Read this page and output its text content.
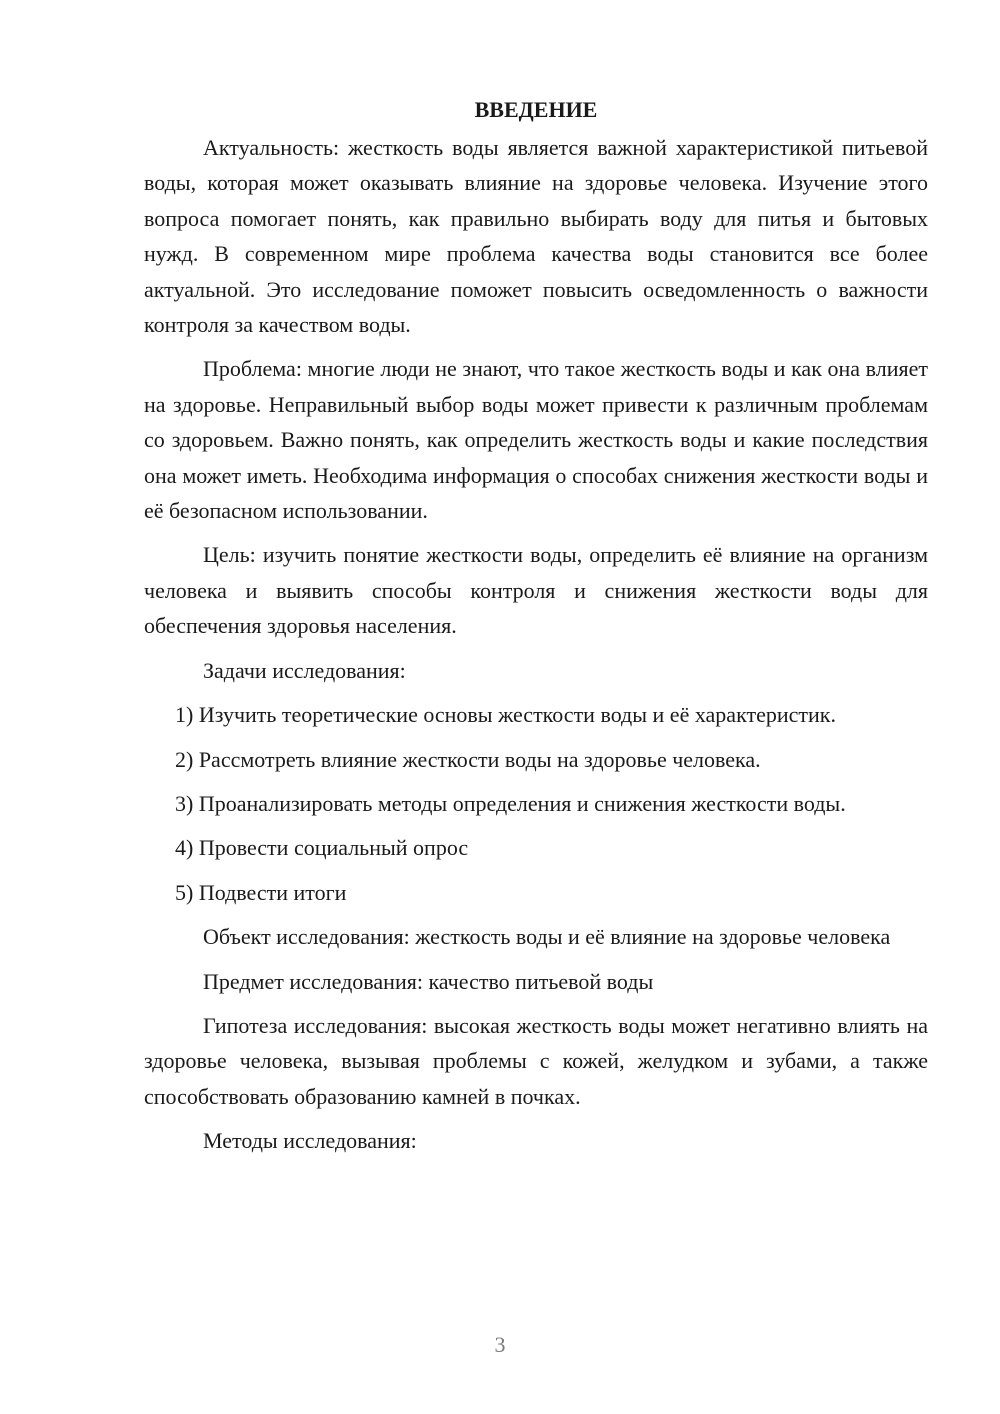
ВВЕДЕНИЕ

Актуальность: жесткость воды является важной характеристикой питьевой воды, которая может оказывать влияние на здоровье человека. Изучение этого вопроса помогает понять, как правильно выбирать воду для питья и бытовых нужд. В современном мире проблема качества воды становится все более актуальной. Это исследование поможет повысить осведомленность о важности контроля за качеством воды.

Проблема: многие люди не знают, что такое жесткость воды и как она влияет на здоровье. Неправильный выбор воды может привести к различным проблемам со здоровьем. Важно понять, как определить жесткость воды и какие последствия она может иметь. Необходима информация о способах снижения жесткости воды и её безопасном использовании.

Цель: изучить понятие жесткости воды, определить её влияние на организм человека и выявить способы контроля и снижения жесткости воды для обеспечения здоровья населения.

Задачи исследования:

1) Изучить теоретические основы жесткости воды и её характеристик.

2) Рассмотреть влияние жесткости воды на здоровье человека.

3) Проанализировать методы определения и снижения жесткости воды.

4) Провести социальный опрос

5) Подвести итоги

Объект исследования: жесткость воды и её влияние на здоровье человека

Предмет исследования: качество питьевой воды

Гипотеза исследования: высокая жесткость воды может негативно влиять на здоровье человека, вызывая проблемы с кожей, желудком и зубами, а также способствовать образованию камней в почках.

Методы исследования:

3
